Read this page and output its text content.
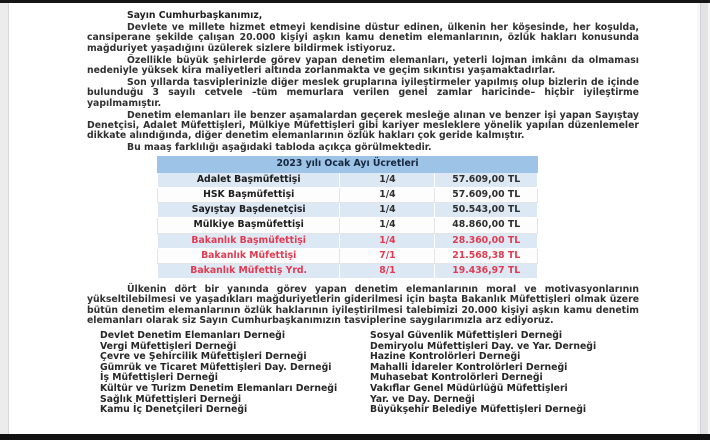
Sayın Cumhurbaşkanımız,

Devlete ve millete hizmet etmeyi kendisine düstur edinen, ülkenin her köşesinde, her koşulda, cansiperane şekilde çalışan 20.000 kişiyi aşkın kamu denetim elemanlarının, özlük hakları konusunda mağduriyet yaşadığını üzülerek sizlere bildirmek istiyoruz.

Özellikle büyük şehirlerde görev yapan denetim elemanları, yeterli lojman imkânı da olmaması nedeniyle yüksek kira maliyetleri altında zorlanmakta ve geçim sıkıntısı yaşamaktadırlar.

Son yıllarda tasviplerinizle diğer meslek gruplarına iyileştirmeler yapılmış olup bizlerin de içinde bulunduğu 3 sayılı cetvele –tüm memurlara verilen genel zamlar haricinde– hiçbir iyileştirme yapılmamıştır.

Denetim elemanları ile benzer aşamalardan geçerek mesleğe alınan ve benzer işi yapan Sayıştay Denetçisi, Adalet Müfettişleri, Mülkiye Müfettişleri gibi kariyer mesleklere yönelik yapılan düzenlemeler dikkate alındığında, diğer denetim elemanlarının özlük hakları çok geride kalmıştır.

Bu maaş farklılığı aşağıdaki tabloda açıkça görülmektedir.

2023 yılı Ocak Ayı Ücretleri		
Adalet Başmüfettişi	1/4	57.609,00 TL
HSK Başmüfettişi	1/4	57.609,00 TL
Sayıştay Başdenetçisi	1/4	50.543,00 TL
Mülkiye Başmüfettişi	1/4	48.860,00 TL
Bakanlık Başmüfettişi	1/4	28.360,00 TL
Bakanlık Müfettişi	7/1	21.568,38 TL
Bakanlık Müfettiş Yrd.	8/1	19.436,97 TL

Ülkenin dört bir yanında görev yapan denetim elemanlarının moral ve motivasyonlarının yükseltilebilmesi ve yaşadıkları mağduriyetlerin giderilmesi için başta Bakanlık Müfettişleri olmak üzere bütün denetim elemanlarının özlük haklarının iyileştirilmesi talebimizi 20.000 kişiyi aşkın kamu denetim elemanları olarak siz Sayın Cumhurbaşkanımızın tasviplerine saygılarımızla arz ediyoruz.

Devlet Denetim Elemanları Derneği
Vergi Müfettişleri Derneği
Çevre ve Şehircilik Müfettişleri Derneği
Gümrük ve Ticaret Müfettişleri Day. Derneği
İş Müfettişleri Derneği
Kültür ve Turizm Denetim Elemanları Derneği
Sağlık Müfettişleri Derneği
Kamu İç Denetçileri Derneği
Sosyal Güvenlik Müfettişleri Derneği
Demiryolu Müfettişleri Day. ve Yar. Derneği
Hazine Kontrolörleri Derneği
Mahalli İdareler Kontrolörleri Derneği
Muhasebat Kontrolörleri Derneği
Vakıflar Genel Müdürlüğü Müfettişleri
Yar. ve Day. Derneği
Büyükşehir Belediye Müfettişleri Derneği
